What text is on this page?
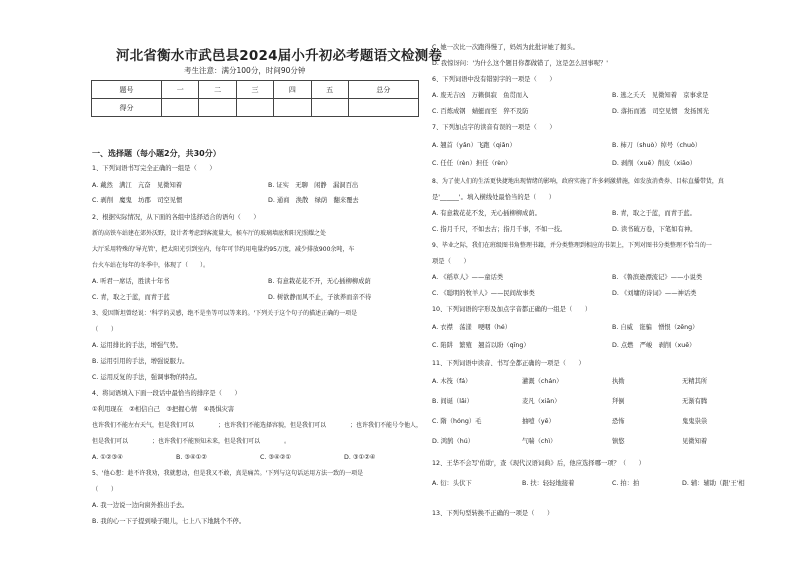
河北省衡水市武邑县2024届小升初必考题语文检测卷
考生注意：满分100分，时间90分钟
题号	一	二	三	四	五	总分
得分						
一、选择题（每小题2分，共30分）
1、下列词语书写完全正确的一组是（　　）
A. 戴然　满江　亢奋　见微知着	B. 证实　无聊　闲静　漏洞百出
C. 剥削　魔鬼　坊郡　司空见惯	D. 通商　涣散　绿荫　翻来覆去
2、根据实际情况，从下面的各组中选择适合的语句（　　）
新的高铁车站建在郊外沃野，设计者考虑到客流量大，候车厅的玻璃墙底和阳光照耀之处
大厅采用特殊的'导光管'，把太阳光引到室内，每年可节约用电量约95万度，减少排放900余吨，车
台火车站在每年的冬季中，体现了（　　）。
A. 听君一席话，胜读十年书	B. 有意栽花花不开，无心插柳柳成荫
C. 青，取之于蓝，而青于蓝	D. 树欲静而风不止，子欲养而亲不待
3、爱因斯坦曾经说：'科学的灵感，绝不是坐等可以等来的。'下列关于这个句子的描述正确的一项是
（　　）
A. 运用排比的手法，增强气势。
B. 运用引用的手法，增强说服力。
C. 运用反复的手法，强调事物的特点。
4、将词语填入下面一段话中最恰当的排序是（　　）
①利用现在　②相信自己　③把握心情　④畏惧灾害
也许我们不能左右天气，但是我们可以　　　　；也许我们不能选择容貌，但是我们可以　　　　；也许我们不能号令他人，
但是我们可以　　　　；也许我们不能预知未来，但是我们可以　　　　。
A. ①②③④	B. ③④①②	C. ③④②①	D. ③①②④
5、'他心想：趁不许我劝，我就想动，但是我又不敢，真是痛苦。'下列与这句话运用方法一致的一项是
（　　）
A. 我一边说一边向窗外推出手去。
B. 我的心一下子提到嗓子眼儿，七上八下地跳个不停。
C. 她一次比一次跑得慢了，妈妈为此批评她了揭头。
D. 我惊讶问：'为什么这个题目你都做错了，这是怎么回事呢？'
6、下列词语中没有错别字的一项是（　　）
A. 废无吉凶　万籁俱寂　鱼贯而入	B. 逃之夭夭　见微知着　京事求是
C. 百炼成钢　蜻蜓而至　猝不及防	D. 落拓而逃　司空见惯　发扬国光
7、下列加点字的读音有误的一项是（　　）
A. 翘首（yǎn）飞跑（qiǎn）	B. 柿刀（shuò）绰号（chuò）
C. 任任（rèn）担任（rèn）	D. 剥削（xuē）削皮（xiāo）
8、为了使人们的生活更快捷地出现情绪的影响，政府实施了许多刺激措施，如发放消费券、目标直播带货，真
是'______'。填入横线处最恰当的是（　　）
A. 有意栽花花不发，无心插柳柳成荫。	B. 青，取之于蓝，而青于蓝。
C. 指月千尺，不如去古；指月千事，不如一技。	D. 读书破万卷，下笔如有神。
9、毕业之际，我们在班级图书角整理书籍，并分类整理到相应的书架上，下列对图书分类整理不恰当的一
项是（　　）
A. 《稻草人》——童话类	B. 《鲁滨逊漂流记》——小说类
C. 《聪明的牧羊人》——民间故事类	D. 《刘墉的诗词》——神话类
10、下列词语的字形及加点字音都正确的一组是（　　）
A. 衣襟　荡漾　哽咽（hé）	B. 自威　诳骗　憎恨（zēng）
C. 陷阱　繁殖　翘首以盼（qīng）	D. 点燃　严峻　剥削（xuē）
11、下列词语中读音、书写全都正确的一项是（　　）
A. 木筏（fá）	灌溉（chán）	执拗	无精其所
B. 间诞（lǎi）	麦凡（xiān）	拜倒	无渐有腾
C. 隋（hóng）毛	抽噎（yē）	恐怖	鬼鬼祟祟
D. 鸿鹄（hú）	气喘（chì）	镇悠	见微知着
12、王华不会写'佑助'，查《现代汉语词典》后，他应选择哪一项？（　　）
A. 衍：头伏下	B. 扶：轻轻地接着	C. 拍：拍	D. 辅：辅助（跟'王'相
13、下列句型转换不正确的一项是（　　）
